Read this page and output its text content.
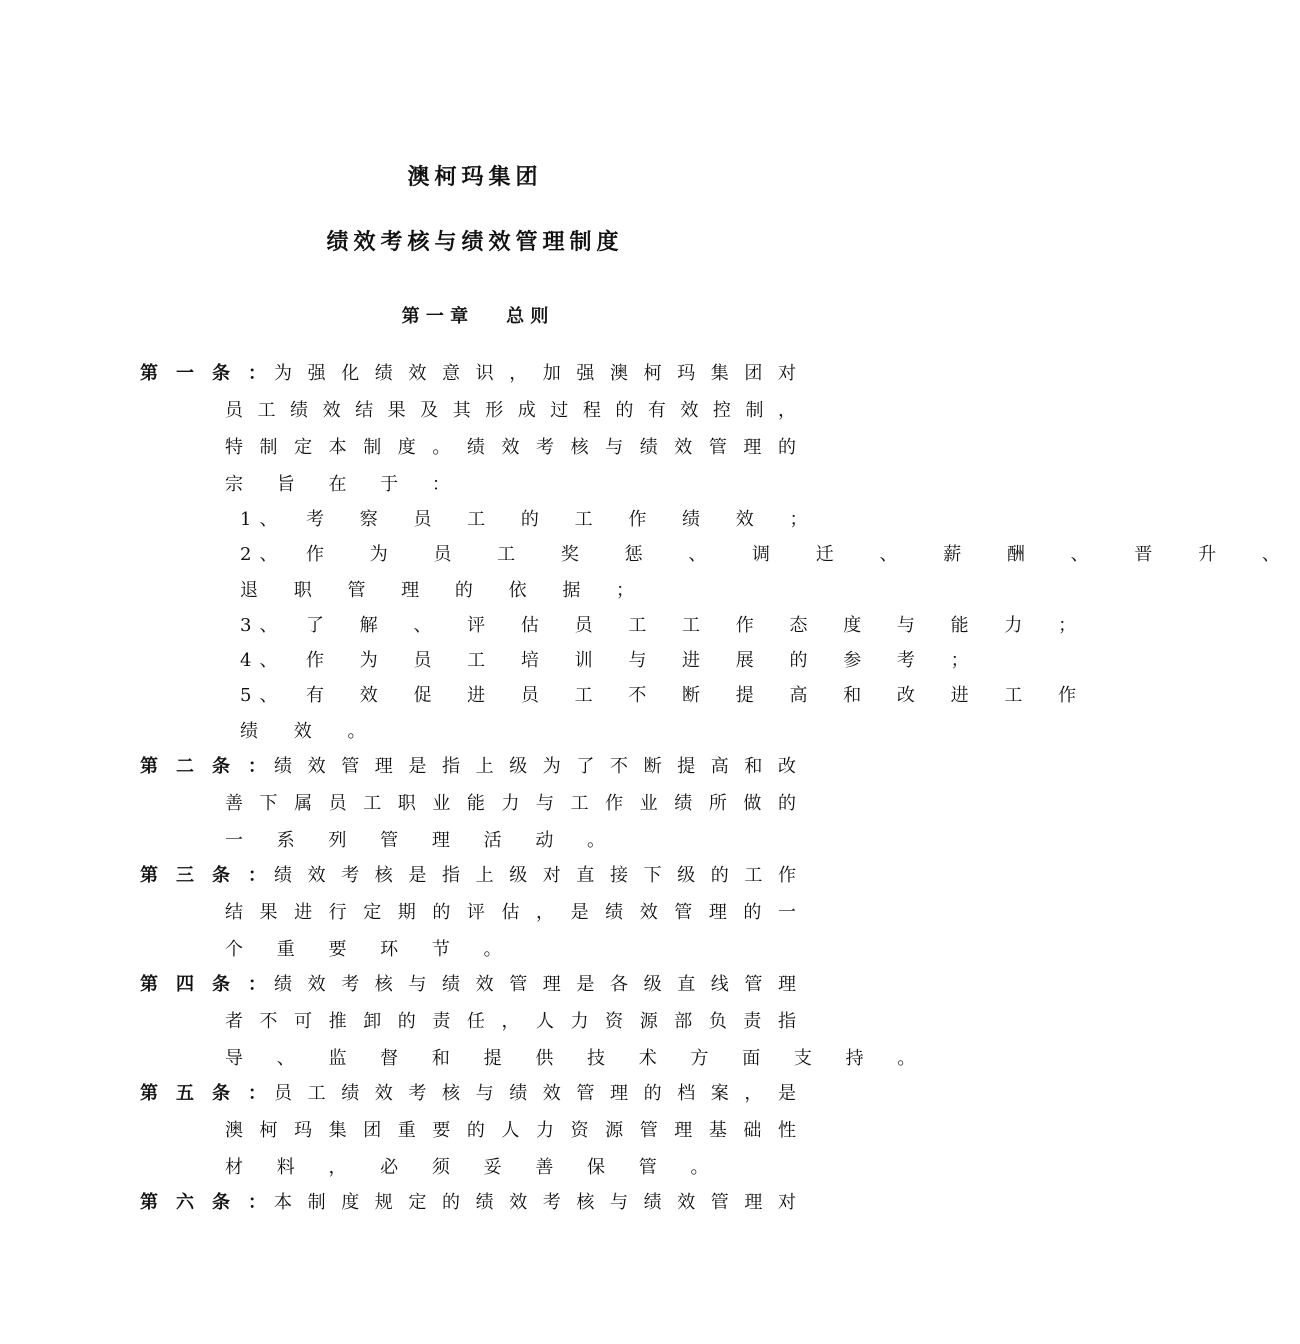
澳柯玛集团
绩效考核与绩效管理制度
第 一 章 总 则
第 一 条 ： 为 强 化 绩 效 意 识 ， 加 强 澳 柯 玛 集 团 对

员 工 绩 效 结 果 及 其 形 成 过 程 的 有 效 控 制 ，

特 制 定 本 制 度 。 绩 效 考 核 与 绩 效 管 理 的

宗 旨 在 于 ：

1、 考 察 员 工 的 工 作 绩 效 ；

2、 作 为 员 工 奖 惩 、 调 迁 、 薪 酬 、 晋 升 、

退 职 管 理 的 依 据 ；

3、 了 解 、 评 估 员 工 工 作 态 度 与 能 力 ；

4、 作 为 员 工 培 训 与 进 展 的 参 考 ；

5、 有 效 促 进 员 工 不 断 提 高 和 改 进 工 作

绩 效 。

第 二 条 ： 绩 效 管 理 是 指 上 级 为 了 不 断 提 高 和 改

善 下 属 员 工 职 业 能 力 与 工 作 业 绩 所 做 的

一 系 列 管 理 活 动 。

第 三 条 ： 绩 效 考 核 是 指 上 级 对 直 接 下 级 的 工 作

结 果 进 行 定 期 的 评 估 ， 是 绩 效 管 理 的 一

个 重 要 环 节 。

第 四 条 ： 绩 效 考 核 与 绩 效 管 理 是 各 级 直 线 管 理

者 不 可 推 卸 的 责 任 ， 人 力 资 源 部 负 责 指

导 、 监 督 和 提 供 技 术 方 面 支 持 。

第 五 条 ： 员 工 绩 效 考 核 与 绩 效 管 理 的 档 案 ， 是

澳 柯 玛 集 团 重 要 的 人 力 资 源 管 理 基 础 性

材 料 ， 必 须 妥 善 保 管 。

第 六 条 ： 本 制 度 规 定 的 绩 效 考 核 与 绩 效 管 理 对
